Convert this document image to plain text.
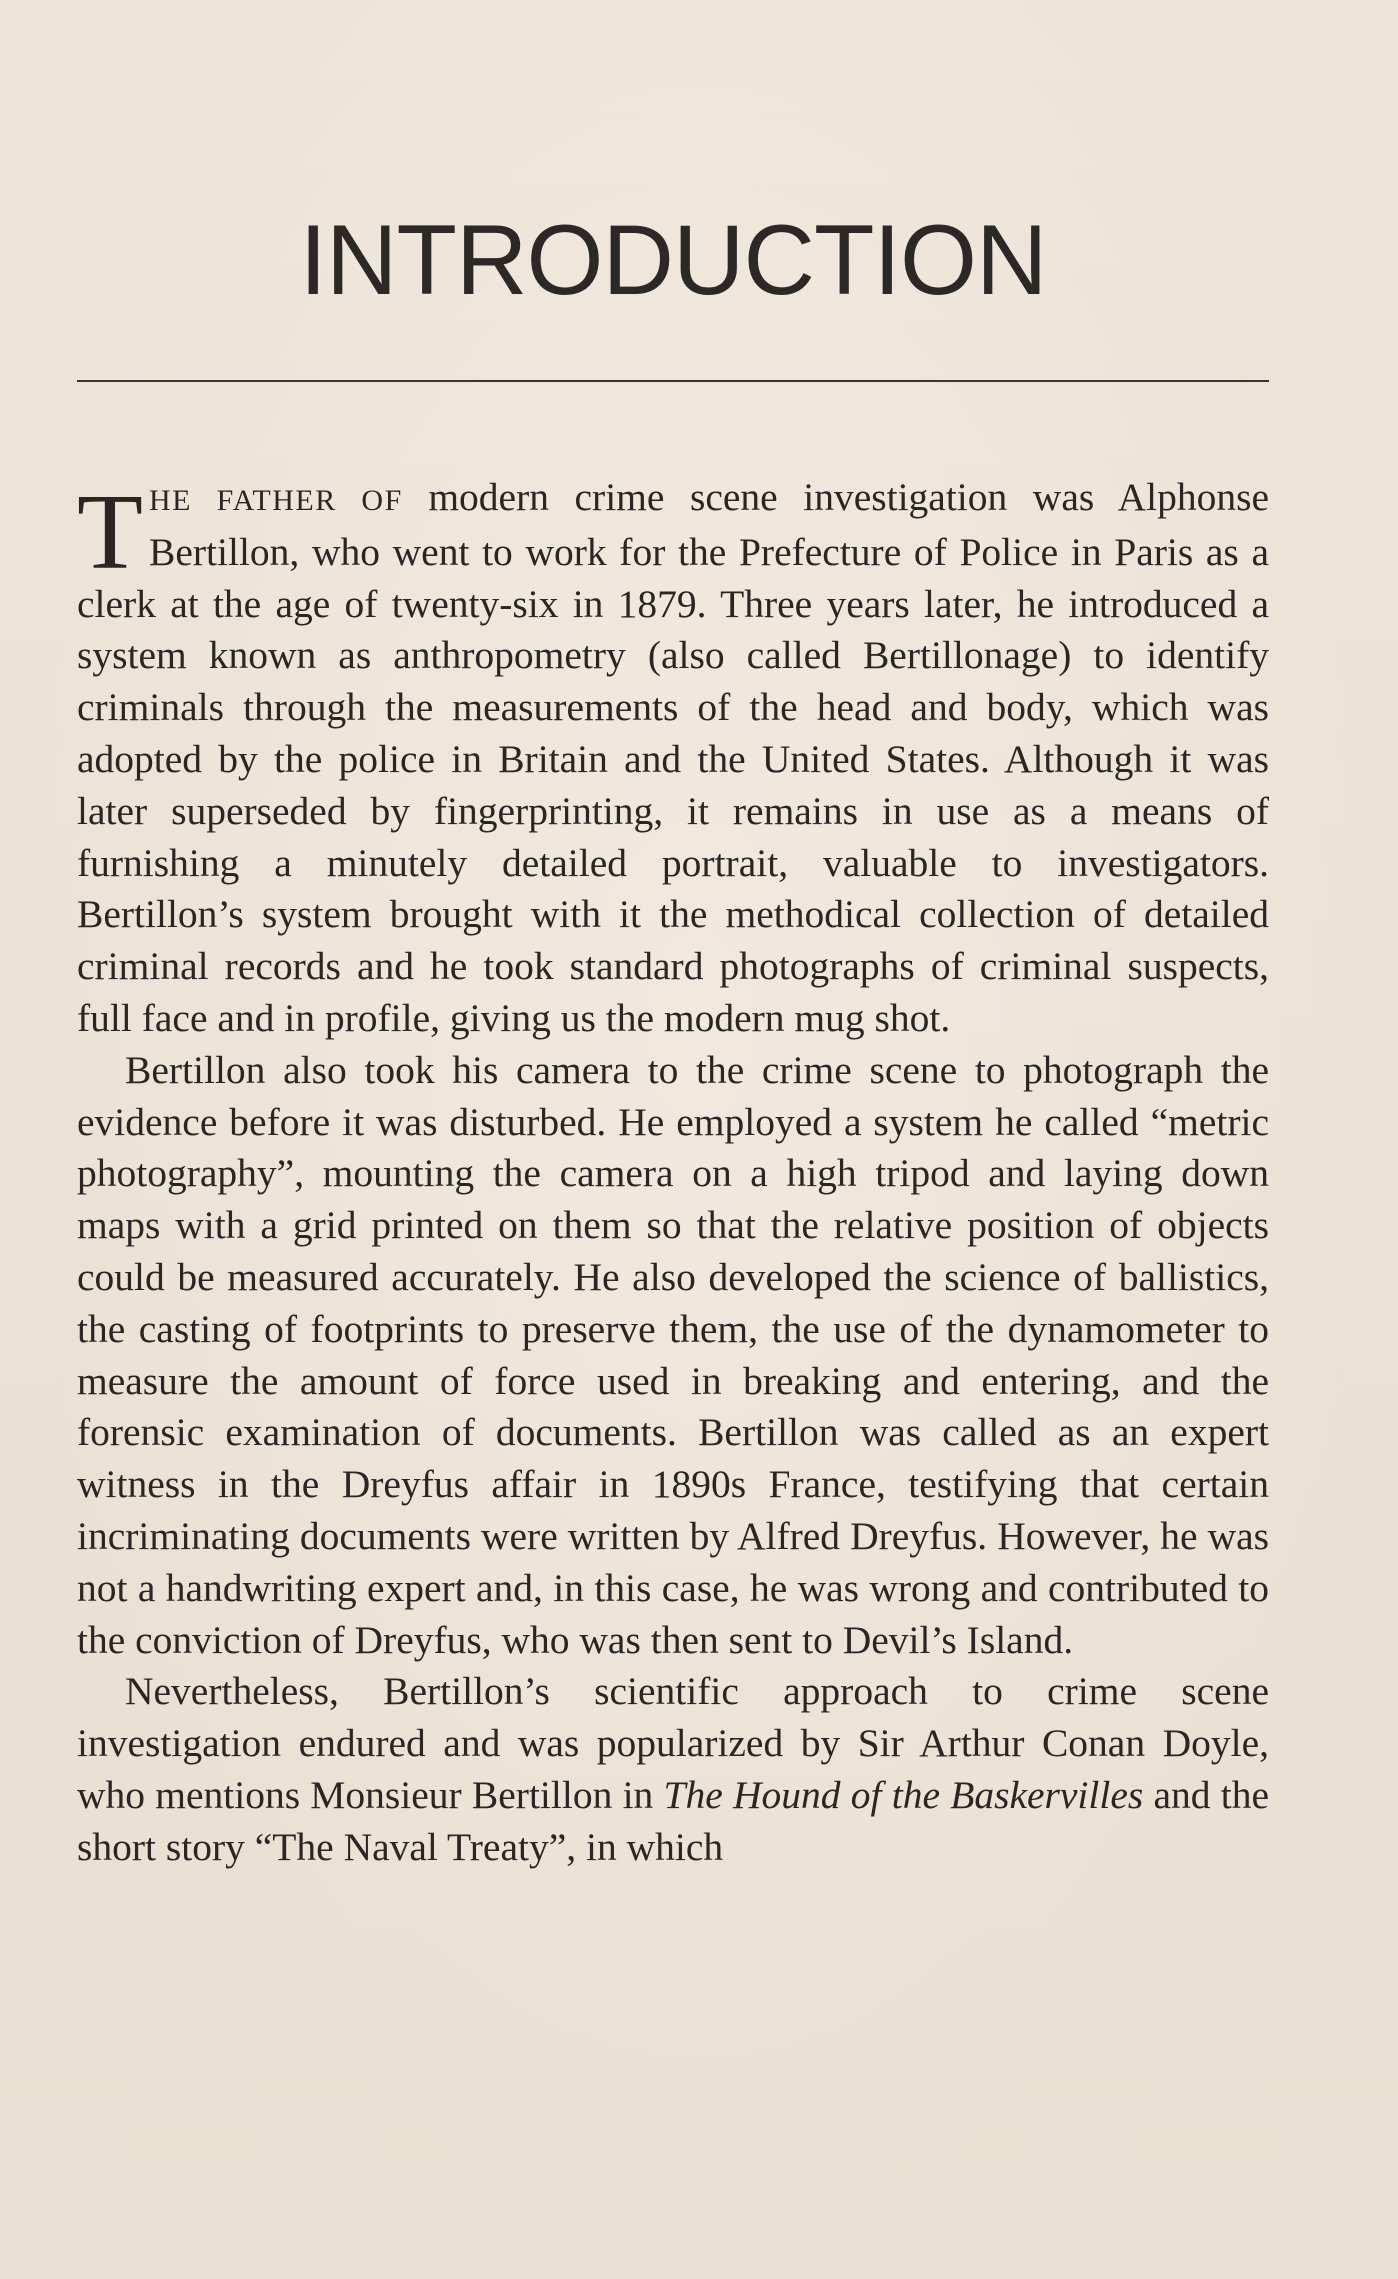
INTRODUCTION

THE FATHER OF modern crime scene investigation was Alphonse Bertillon, who went to work for the Prefecture of Police in Paris as a clerk at the age of twenty-six in 1879. Three years later, he introduced a system known as anthropometry (also called Bertillonage) to identify criminals through the measurements of the head and body, which was adopted by the police in Britain and the United States. Although it was later superseded by fingerprinting, it remains in use as a means of furnishing a minutely detailed portrait, valuable to investigators. Bertillon’s system brought with it the methodical collection of detailed criminal records and he took standard photographs of criminal suspects, full face and in profile, giving us the modern mug shot.

Bertillon also took his camera to the crime scene to photograph the evidence before it was disturbed. He employed a system he called “metric photography”, mounting the camera on a high tripod and laying down maps with a grid printed on them so that the relative position of objects could be measured accurately. He also developed the science of ballistics, the casting of footprints to preserve them, the use of the dynamometer to measure the amount of force used in breaking and entering, and the forensic examination of documents. Bertillon was called as an expert witness in the Dreyfus affair in 1890s France, testifying that certain incriminating documents were written by Alfred Dreyfus. However, he was not a handwriting expert and, in this case, he was wrong and contributed to the conviction of Dreyfus, who was then sent to Devil’s Island.

Nevertheless, Bertillon’s scientific approach to crime scene investigation endured and was popularized by Sir Arthur Conan Doyle, who mentions Monsieur Bertillon in The Hound of the Baskervilles and the short story “The Naval Treaty”, in which
